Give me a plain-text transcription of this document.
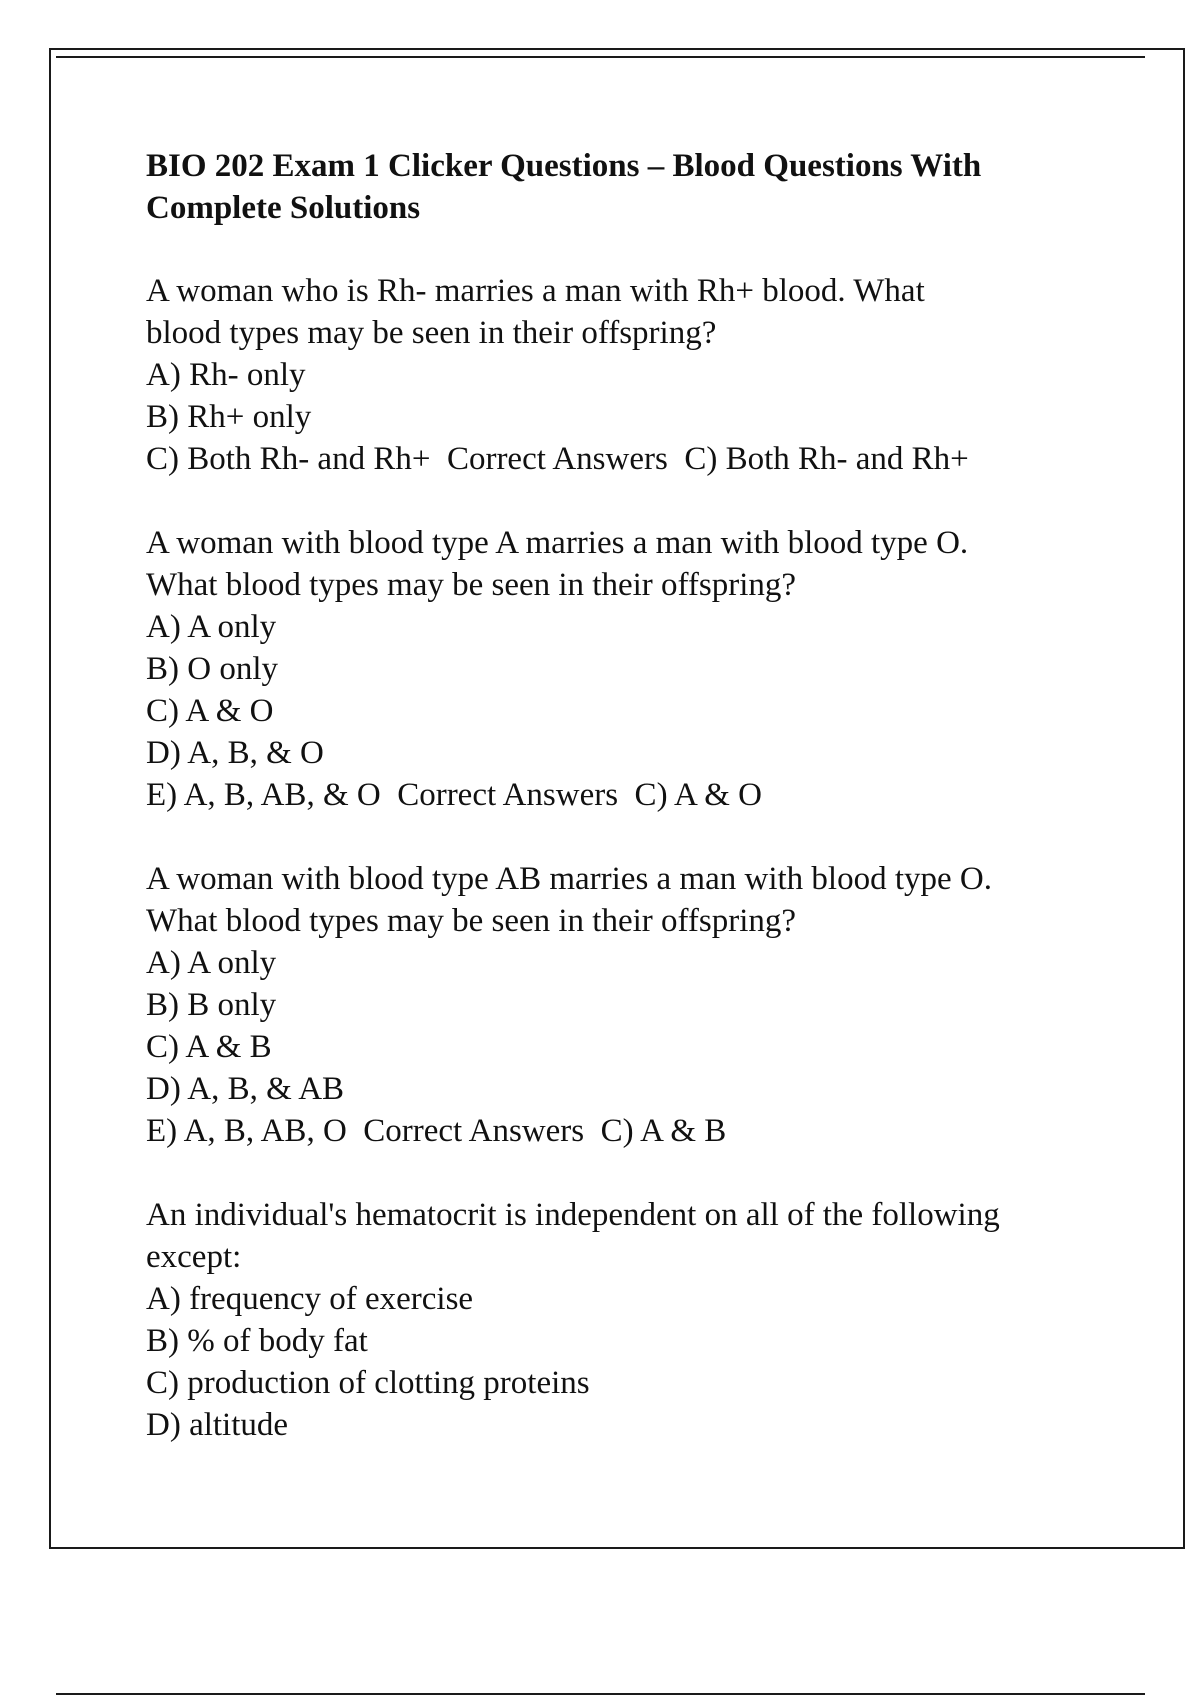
BIO 202 Exam 1 Clicker Questions – Blood Questions With
Complete Solutions
A woman who is Rh- marries a man with Rh+ blood. What
blood types may be seen in their offspring?
A) Rh- only
B) Rh+ only
C) Both Rh- and Rh+  Correct Answers  C) Both Rh- and Rh+
A woman with blood type A marries a man with blood type O.
What blood types may be seen in their offspring?
A) A only
B) O only
C) A & O
D) A, B, & O
E) A, B, AB, & O  Correct Answers  C) A & O
A woman with blood type AB marries a man with blood type O.
What blood types may be seen in their offspring?
A) A only
B) B only
C) A & B
D) A, B, & AB
E) A, B, AB, O  Correct Answers  C) A & B
An individual's hematocrit is independent on all of the following
except:
A) frequency of exercise
B) % of body fat
C) production of clotting proteins
D) altitude
